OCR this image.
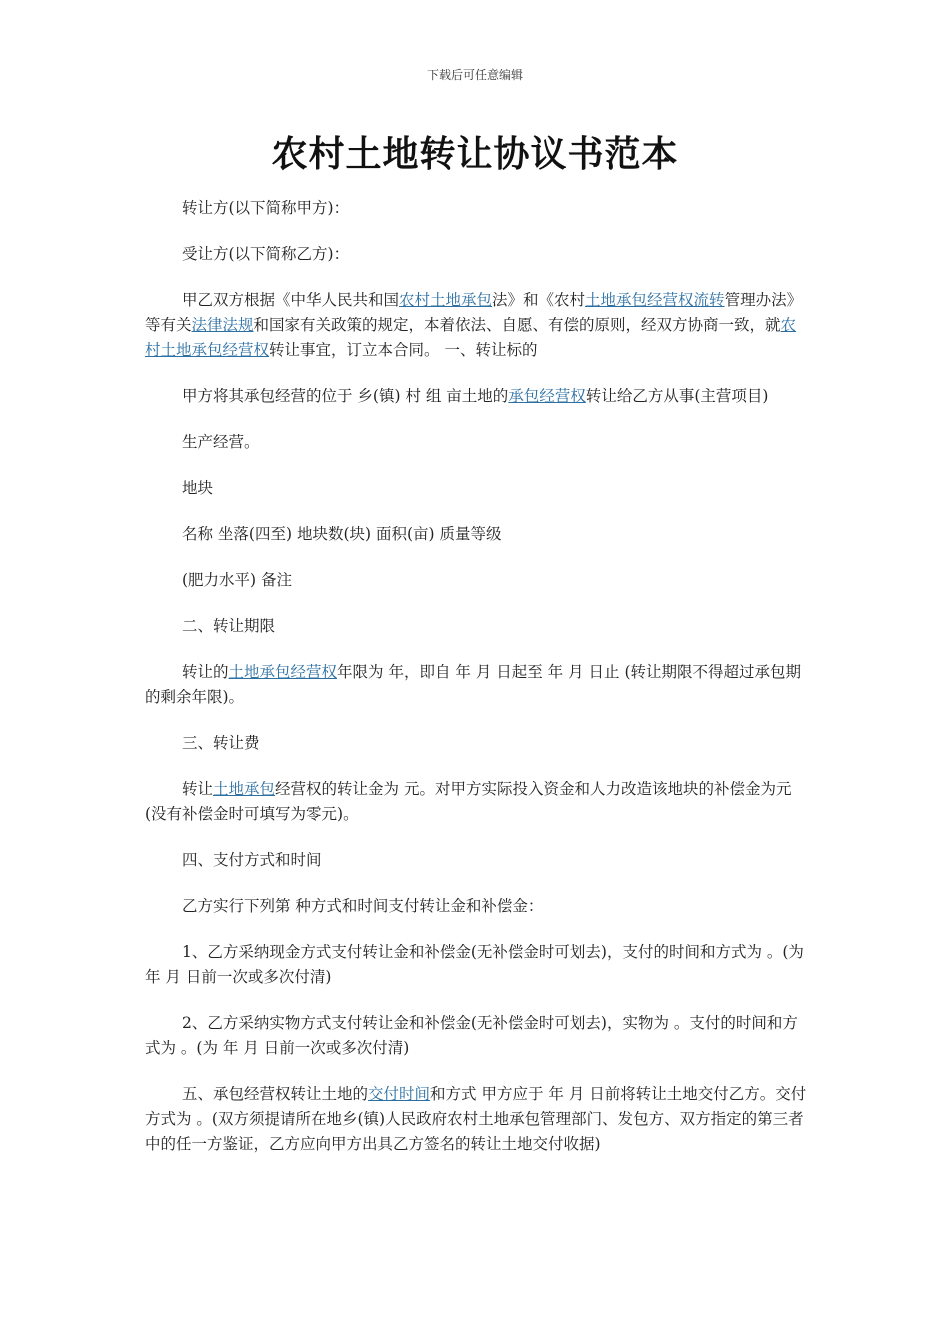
下载后可任意编辑
农村土地转让协议书范本

转让方(以下简称甲方)：

受让方(以下简称乙方)：

甲乙双方根据《中华人民共和国农村土地承包法》和《农村土地承包经营权流转管理办法》等有关法律法规和国家有关政策的规定，本着依法、自愿、有偿的原则，经双方协商一致，就农村土地承包经营权转让事宜，订立本合同。 一、转让标的

甲方将其承包经营的位于 乡(镇) 村 组 亩土地的承包经营权转让给乙方从事(主营项目)

生产经营。

地块

名称 坐落(四至) 地块数(块) 面积(亩) 质量等级

(肥力水平) 备注

二、转让期限

转让的土地承包经营权年限为 年，即自 年 月 日起至 年 月 日止 (转让期限不得超过承包期的剩余年限)。

三、转让费

转让土地承包经营权的转让金为 元。对甲方实际投入资金和人力改造该地块的补偿金为元(没有补偿金时可填写为零元)。

四、支付方式和时间

乙方实行下列第 种方式和时间支付转让金和补偿金：

1、乙方采纳现金方式支付转让金和补偿金(无补偿金时可划去)，支付的时间和方式为 。(为 年 月 日前一次或多次付清)

2、乙方采纳实物方式支付转让金和补偿金(无补偿金时可划去)，实物为 。支付的时间和方式为 。(为 年 月 日前一次或多次付清)

五、承包经营权转让土地的交付时间和方式 甲方应于 年 月 日前将转让土地交付乙方。交付方式为 。(双方须提请所在地乡(镇)人民政府农村土地承包管理部门、发包方、双方指定的第三者中的任一方鉴证，乙方应向甲方出具乙方签名的转让土地交付收据)
